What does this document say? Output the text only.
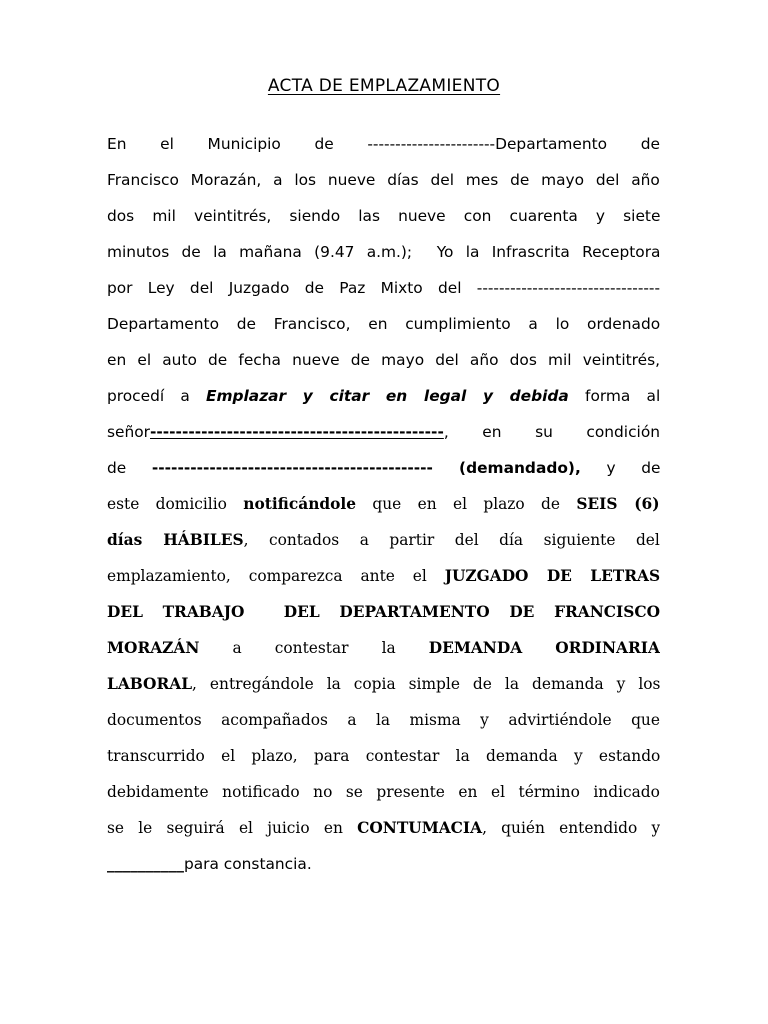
ACTA DE EMPLAZAMIENTO
En el Municipio de -----------------------Departamento de
Francisco Morazán, a los nueve días del mes de mayo del año
dos mil veintitrés, siendo las nueve con cuarenta y siete
minutos de la mañana (9.47 a.m.);  Yo la Infrascrita Receptora
por Ley del Juzgado de Paz Mixto del ---------------------------------
Departamento de Francisco, en cumplimiento a lo ordenado
en el auto de fecha nueve de mayo del año dos mil veintitrés,
procedí a Emplazar y citar en legal y debida forma al
señor----------------------------------------------, en su condición
de -------------------------------------------- (demandado), y de
este domicilio notificándole que en el plazo de SEIS (6)
días HÁBILES, contados a partir del día siguiente del
emplazamiento, comparezca ante el JUZGADO DE LETRAS
DEL TRABAJO  DEL DEPARTAMENTO DE FRANCISCO
MORAZÁN a contestar la DEMANDA ORDINARIA
LABORAL, entregándole la copia simple de la demanda y los
documentos acompañados a la misma y advirtiéndole que
transcurrido el plazo, para contestar la demanda y estando
debidamente notificado no se presente en el término indicado
se le seguirá el juicio en CONTUMACIA, quién entendido y
__________para constancia.
